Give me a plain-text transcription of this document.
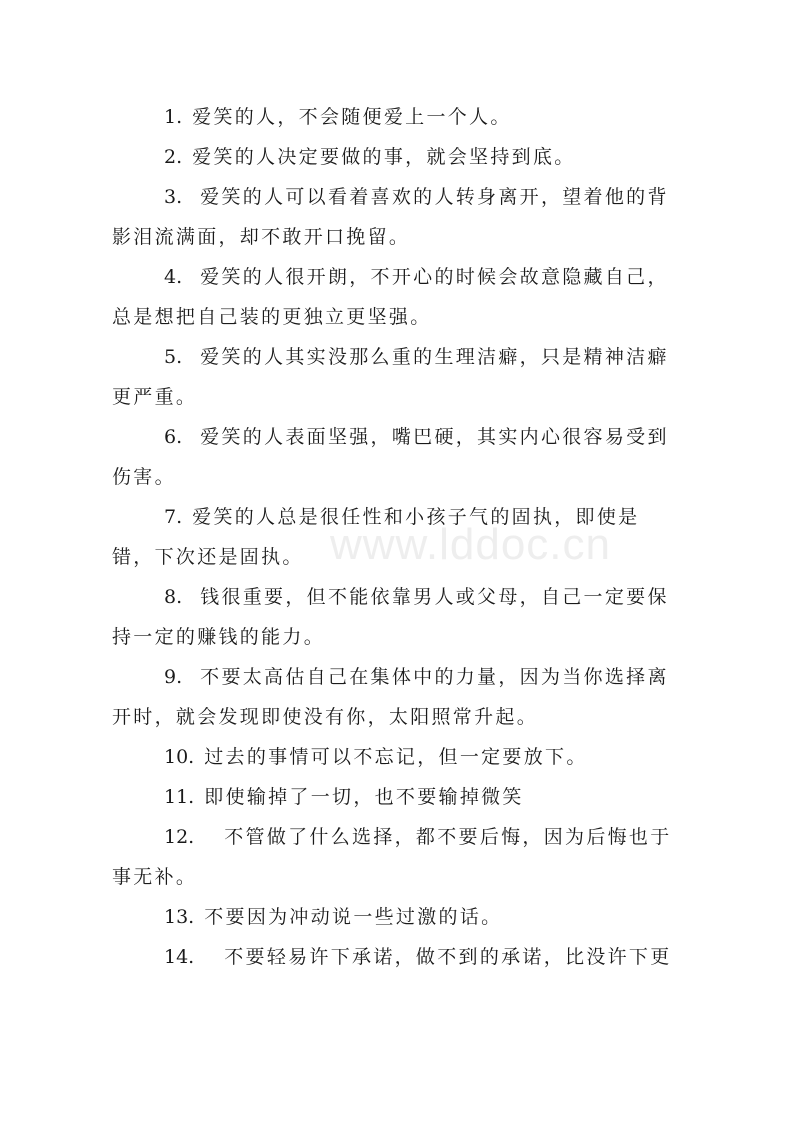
www.lddoc.cn

1. 爱笑的人，不会随便爱上一个人。

2. 爱笑的人决定要做的事，就会坚持到底。

3. 爱笑的人可以看着喜欢的人转身离开，望着他的背影泪流满面，却不敢开口挽留。

4. 爱笑的人很开朗，不开心的时候会故意隐藏自己，总是想把自己装的更独立更坚强。

5. 爱笑的人其实没那么重的生理洁癖，只是精神洁癖更严重。

6. 爱笑的人表面坚强，嘴巴硬，其实内心很容易受到伤害。

7. 爱笑的人总是很任性和小孩子气的固执，即使是错，下次还是固执。

8. 钱很重要，但不能依靠男人或父母，自己一定要保持一定的赚钱的能力。

9. 不要太高估自己在集体中的力量，因为当你选择离开时，就会发现即使没有你，太阳照常升起。

10. 过去的事情可以不忘记，但一定要放下。

11. 即使输掉了一切，也不要输掉微笑

12. 不管做了什么选择，都不要后悔，因为后悔也于事无补。

13. 不要因为冲动说一些过激的话。

14. 不要轻易许下承诺，做不到的承诺，比没许下更
